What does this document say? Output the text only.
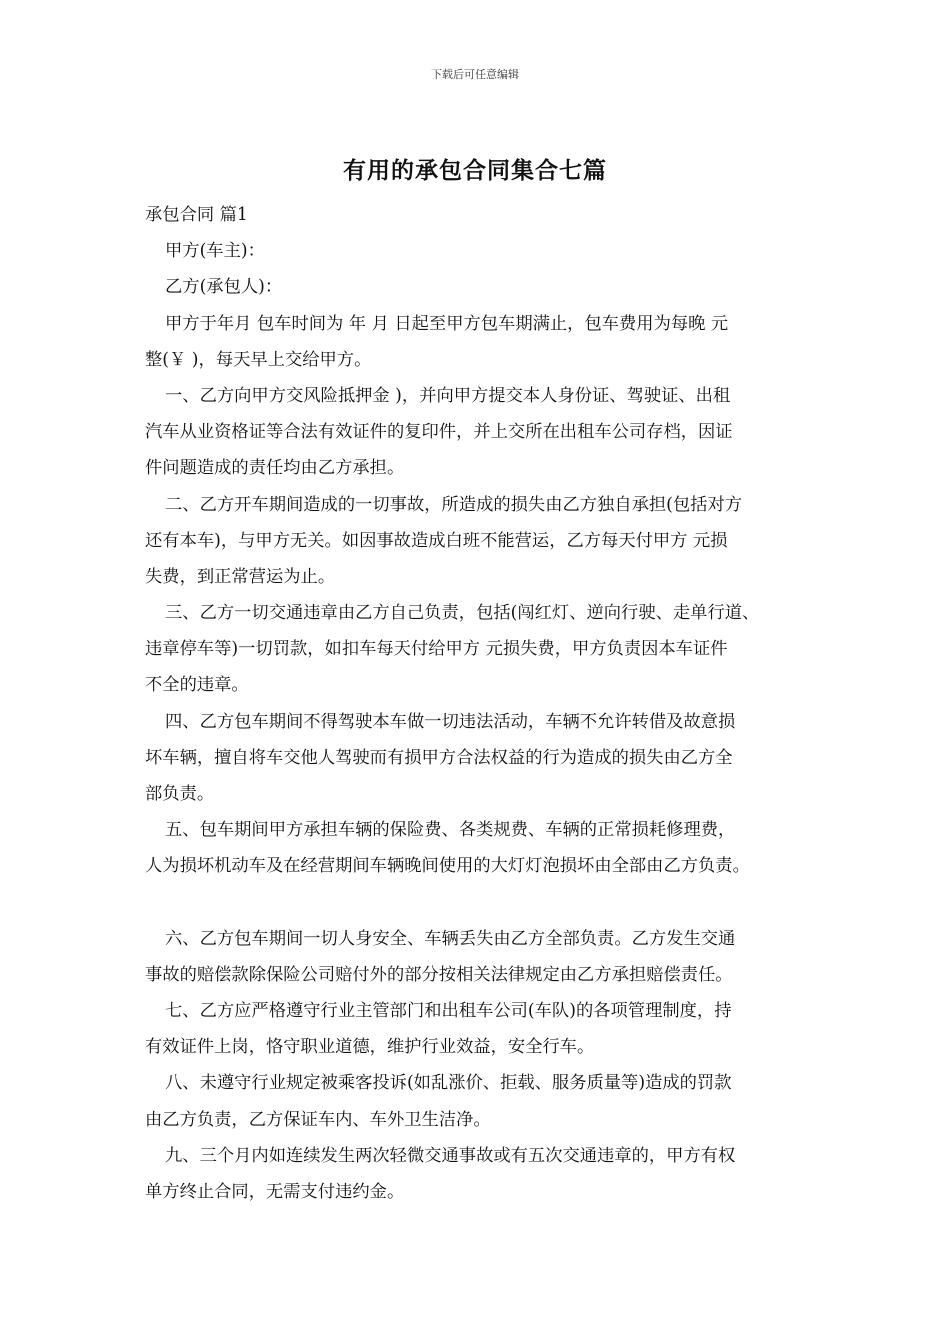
下载后可任意编辑
有用的承包合同集合七篇
承包合同 篇1
甲方(车主)：
乙方(承包人)：
甲方于年月 包车时间为 年 月 日起至甲方包车期满止，包车费用为每晚 元
整(￥ )，每天早上交给甲方。
一、乙方向甲方交风险抵押金 )，并向甲方提交本人身份证、驾驶证、出租
汽车从业资格证等合法有效证件的复印件，并上交所在出租车公司存档，因证
件问题造成的责任均由乙方承担。
二、乙方开车期间造成的一切事故，所造成的损失由乙方独自承担(包括对方
还有本车)，与甲方无关。如因事故造成白班不能营运，乙方每天付甲方 元损
失费，到正常营运为止。
三、乙方一切交通违章由乙方自己负责，包括(闯红灯、逆向行驶、走单行道、
违章停车等)一切罚款，如扣车每天付给甲方 元损失费，甲方负责因本车证件
不全的违章。
四、乙方包车期间不得驾驶本车做一切违法活动，车辆不允许转借及故意损
坏车辆，擅自将车交他人驾驶而有损甲方合法权益的行为造成的损失由乙方全
部负责。
五、包车期间甲方承担车辆的保险费、各类规费、车辆的正常损耗修理费，
人为损坏机动车及在经营期间车辆晚间使用的大灯灯泡损坏由全部由乙方负责。
六、乙方包车期间一切人身安全、车辆丢失由乙方全部负责。乙方发生交通
事故的赔偿款除保险公司赔付外的部分按相关法律规定由乙方承担赔偿责任。
七、乙方应严格遵守行业主管部门和出租车公司(车队)的各项管理制度，持
有效证件上岗，恪守职业道德，维护行业效益，安全行车。
八、未遵守行业规定被乘客投诉(如乱涨价、拒载、服务质量等)造成的罚款
由乙方负责，乙方保证车内、车外卫生洁净。
九、三个月内如连续发生两次轻微交通事故或有五次交通违章的，甲方有权
单方终止合同，无需支付违约金。
